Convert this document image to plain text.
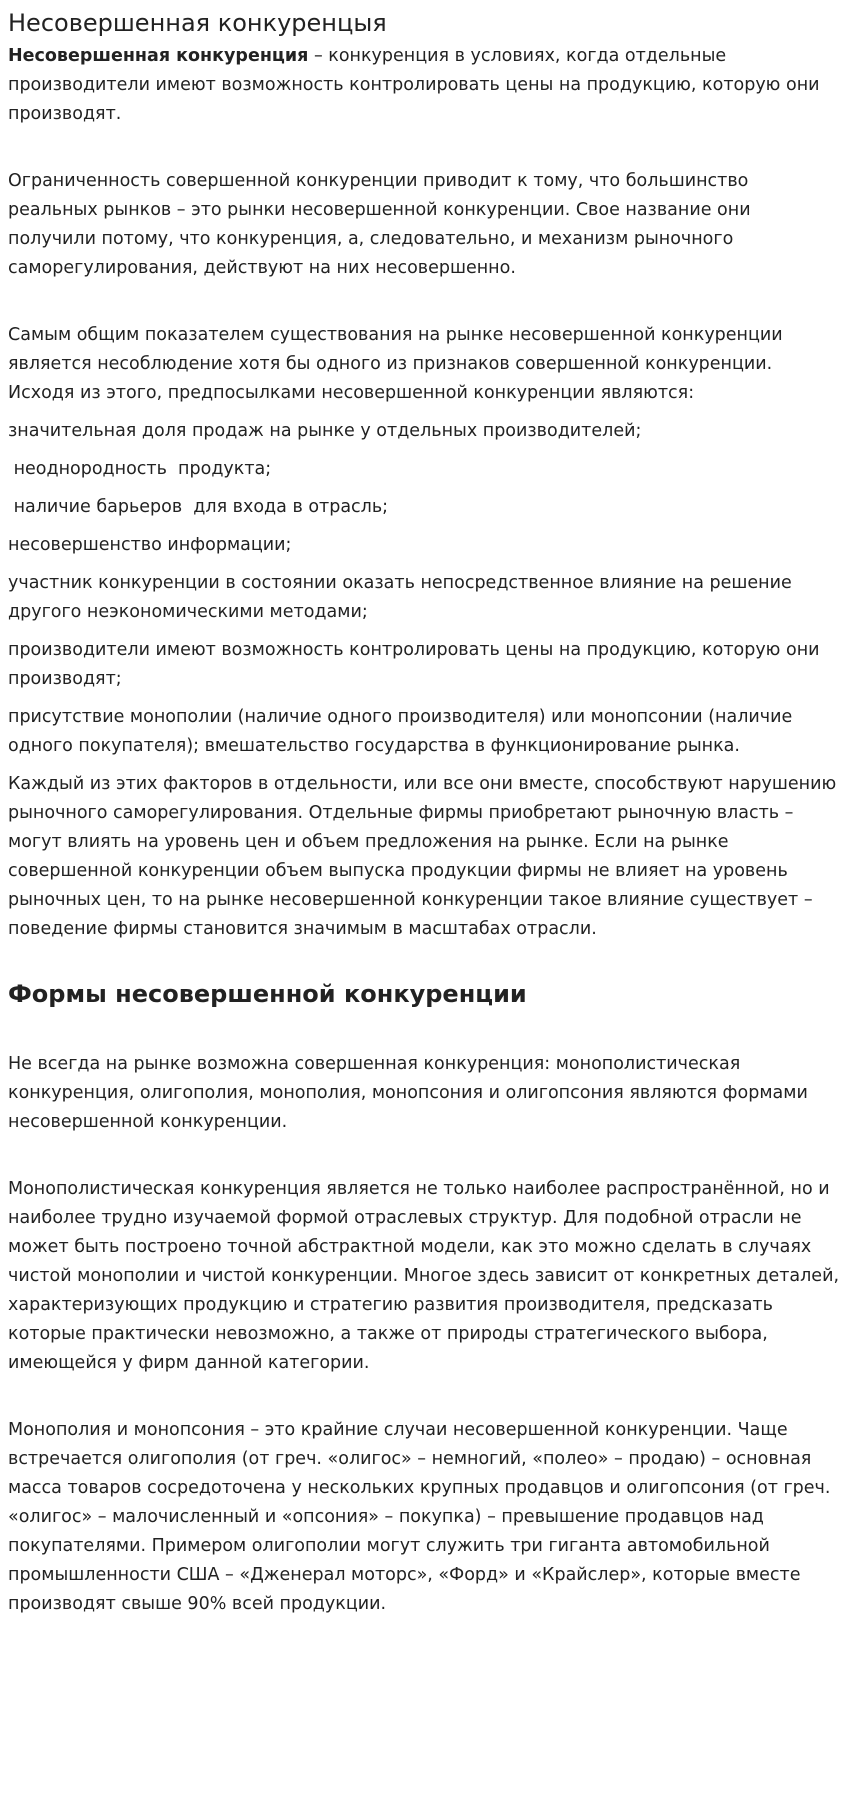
Несовершенная конкуренцыя

Несовершенная конкуренция – конкуренция в условиях, когда отдельные производители имеют возможность контролировать цены на продукцию, которую они производят.

Ограниченность совершенной конкуренции приводит к тому, что большинство реальных рынков – это рынки несовершенной конкуренции. Свое название они получили потому, что конкуренция, а, следовательно, и механизм рыночного саморегулирования, действуют на них несовершенно.

Самым общим показателем существования на рынке несовершенной конкуренции является несоблюдение хотя бы одного из признаков совершенной конкуренции. Исходя из этого, предпосылками несовершенной конкуренции являются:

значительная доля продаж на рынке у отдельных производителей;

неоднородность  продукта;

наличие барьеров  для входа в отрасль;

несовершенство информации;

участник конкуренции в состоянии оказать непосредственное влияние на решение другого неэкономическими методами;

производители имеют возможность контролировать цены на продукцию, которую они производят;

присутствие монополии (наличие одного производителя) или монопсонии (наличие одного покупателя); вмешательство государства в функционирование рынка.

Каждый из этих факторов в отдельности, или все они вместе, способствуют нарушению рыночного саморегулирования. Отдельные фирмы приобретают рыночную власть – могут влиять на уровень цен и объем предложения на рынке. Если на рынке совершенной конкуренции объем выпуска продукции фирмы не влияет на уровень рыночных цен, то на рынке несовершенной конкуренции такое влияние существует – поведение фирмы становится значимым в масштабах отрасли.

Формы несовершенной конкуренции

Не всегда на рынке возможна совершенная конкуренция: монополистическая конкуренция, олигополия, монополия, монопсония и олигопсония являются формами несовершенной конкуренции.

Монополистическая конкуренция является не только наиболее распространённой, но и наиболее трудно изучаемой формой отраслевых структур. Для подобной отрасли не может быть построено точной абстрактной модели, как это можно сделать в случаях чистой монополии и чистой конкуренции. Многое здесь зависит от конкретных деталей, характеризующих продукцию и стратегию развития производителя, предсказать которые практически невозможно, а также от природы стратегического выбора, имеющейся у фирм данной категории.

Монополия и монопсония – это крайние случаи несовершенной конкуренции. Чаще встречается олигополия (от греч. «олигос» – немногий, «полео» – продаю) – основная масса товаров сосредоточена у нескольких крупных продавцов и олигопсония (от греч. «олигос» – малочисленный и «опсония» – покупка) – превышение продавцов над покупателями. Примером олигополии могут служить три гиганта автомобильной промышленности США – «Дженерал моторс», «Форд» и «Крайслер», которые вместе производят свыше 90% всей продукции.
